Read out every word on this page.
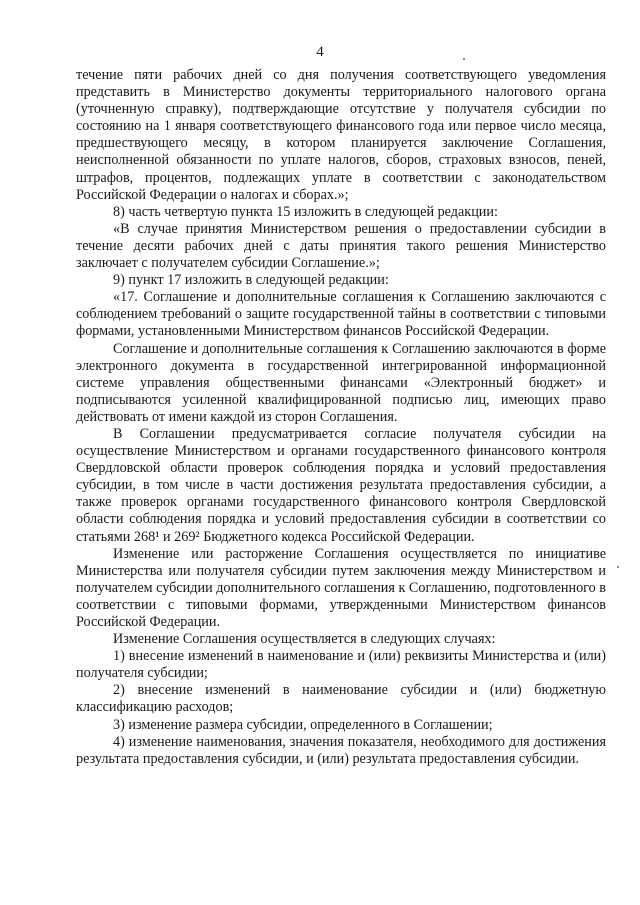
4

течение пяти рабочих дней со дня получения соответствующего уведомления представить в Министерство документы территориального налогового органа (уточненную справку), подтверждающие отсутствие у получателя субсидии по состоянию на 1 января соответствующего финансового года или первое число месяца, предшествующего месяцу, в котором планируется заключение Соглашения, неисполненной обязанности по уплате налогов, сборов, страховых взносов, пеней, штрафов, процентов, подлежащих уплате в соответствии с законодательством Российской Федерации о налогах и сборах.»;

8) часть четвертую пункта 15 изложить в следующей редакции:

«В случае принятия Министерством решения о предоставлении субсидии в течение десяти рабочих дней с даты принятия такого решения Министерство заключает с получателем субсидии Соглашение.»;

9) пункт 17 изложить в следующей редакции:

«17. Соглашение и дополнительные соглашения к Соглашению заключаются с соблюдением требований о защите государственной тайны в соответствии с типовыми формами, установленными Министерством финансов Российской Федерации.

Соглашение и дополнительные соглашения к Соглашению заключаются в форме электронного документа в государственной интегрированной информационной системе управления общественными финансами «Электронный бюджет» и подписываются усиленной квалифицированной подписью лиц, имеющих право действовать от имени каждой из сторон Соглашения.

В Соглашении предусматривается согласие получателя субсидии на осуществление Министерством и органами государственного финансового контроля Свердловской области проверок соблюдения порядка и условий предоставления субсидии, в том числе в части достижения результата предоставления субсидии, а также проверок органами государственного финансового контроля Свердловской области соблюдения порядка и условий предоставления субсидии в соответствии со статьями 268¹ и 269² Бюджетного кодекса Российской Федерации.

Изменение или расторжение Соглашения осуществляется по инициативе Министерства или получателя субсидии путем заключения между Министерством и получателем субсидии дополнительного соглашения к Соглашению, подготовленного в соответствии с типовыми формами, утвержденными Министерством финансов Российской Федерации.

Изменение Соглашения осуществляется в следующих случаях:

1) внесение изменений в наименование и (или) реквизиты Министерства и (или) получателя субсидии;

2) внесение изменений в наименование субсидии и (или) бюджетную классификацию расходов;

3) изменение размера субсидии, определенного в Соглашении;

4) изменение наименования, значения показателя, необходимого для достижения результата предоставления субсидии, и (или) результата предоставления субсидии.
